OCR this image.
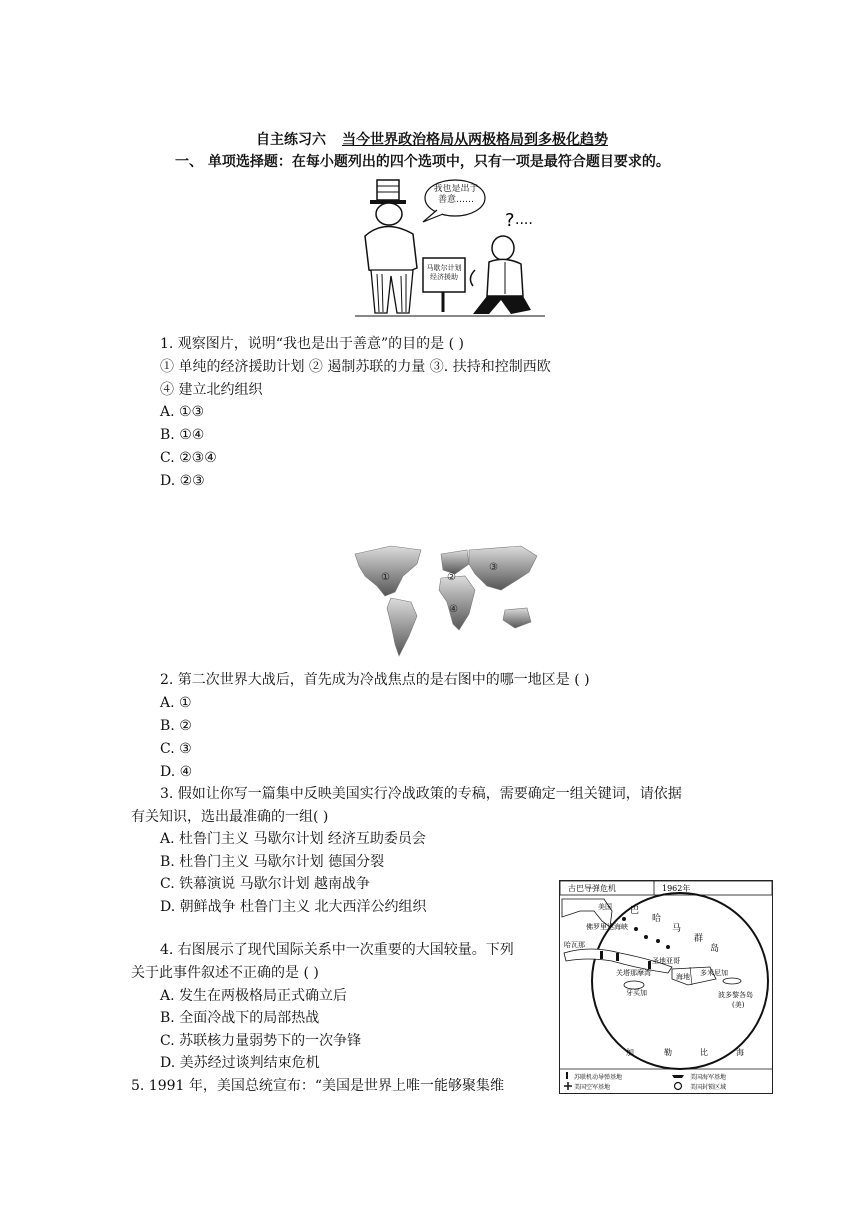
自主练习六 当今世界政治格局从两极格局到多极化趋势
一、 单项选择题：在每小题列出的四个选项中，只有一项是最符合题目要求的。
我也是出于善意……
马歇尔计划经济援助
? ....
1. 观察图片，说明“我也是出于善意”的目的是 ( )
① 单纯的经济援助计划 ② 遏制苏联的力量 ③. 扶持和控制西欧
④ 建立北约组织
A. ①③
B. ①④
C. ②③④
D. ②③
①	②
③
④
2. 第二次世界大战后，首先成为冷战焦点的是右图中的哪一地区是 ( )
A. ①
B. ②
C. ③
D. ④
3. 假如让你写一篇集中反映美国实行冷战政策的专稿，需要确定一组关键词，请依据
有关知识，选出最准确的一组( )
A. 杜鲁门主义 马歇尔计划 经济互助委员会
B. 杜鲁门主义 马歇尔计划 德国分裂
C. 铁幕演说 马歇尔计划 越南战争
D. 朝鲜战争 杜鲁门主义 北大西洋公约组织
4. 右图展示了现代国际关系中一次重要的大国较量。下列
关于此事件叙述不正确的是 ( )
A. 发生在两极格局正式确立后
B. 全面冷战下的局部热战
C. 苏联核力量弱势下的一次争锋
D. 美苏经过谈判结束危机
5. 1991 年，美国总统宣布：“美国是世界上唯一能够聚集维
古巴导弹危机	1962年
美国
佛罗里达海峡
哈瓦那
巴
哈
马
群
岛
圣地亚哥
关塔那摩湾	海地 多米尼加
牙买加	波多黎各岛
(美)
加	勒	比	海
苏联机动导弹基地	美国海军基地
美国空军基地	美国封锁区域
